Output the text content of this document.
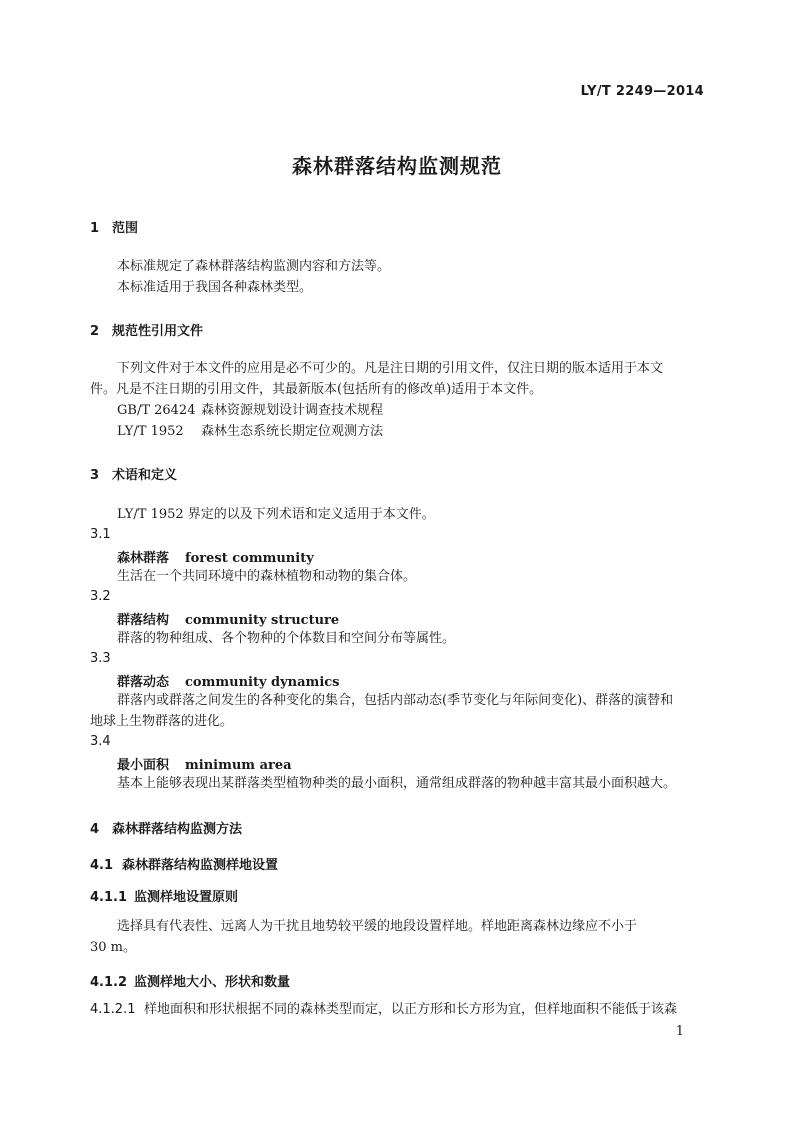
LY/T 2249—2014
森林群落结构监测规范
1 范围
本标准规定了森林群落结构监测内容和方法等。
本标准适用于我国各种森林类型。
2 规范性引用文件
下列文件对于本文件的应用是必不可少的。凡是注日期的引用文件，仅注日期的版本适用于本文
件。凡是不注日期的引用文件，其最新版本(包括所有的修改单)适用于本文件。
GB/T 26424 森林资源规划设计调查技术规程
LY/T 1952 森林生态系统长期定位观测方法
3 术语和定义
LY/T 1952 界定的以及下列术语和定义适用于本文件。
3.1
森林群落 forest community
生活在一个共同环境中的森林植物和动物的集合体。
3.2
群落结构 community structure
群落的物种组成、各个物种的个体数目和空间分布等属性。
3.3
群落动态 community dynamics
群落内或群落之间发生的各种变化的集合，包括内部动态(季节变化与年际间变化)、群落的演替和
地球上生物群落的进化。
3.4
最小面积 minimum area
基本上能够表现出某群落类型植物种类的最小面积，通常组成群落的物种越丰富其最小面积越大。
4 森林群落结构监测方法
4.1 森林群落结构监测样地设置
4.1.1 监测样地设置原则
选择具有代表性、远离人为干扰且地势较平缓的地段设置样地。样地距离森林边缘应不小于
30 m。
4.1.2 监测样地大小、形状和数量
4.1.2.1 样地面积和形状根据不同的森林类型而定，以正方形和长方形为宜，但样地面积不能低于该森
1
